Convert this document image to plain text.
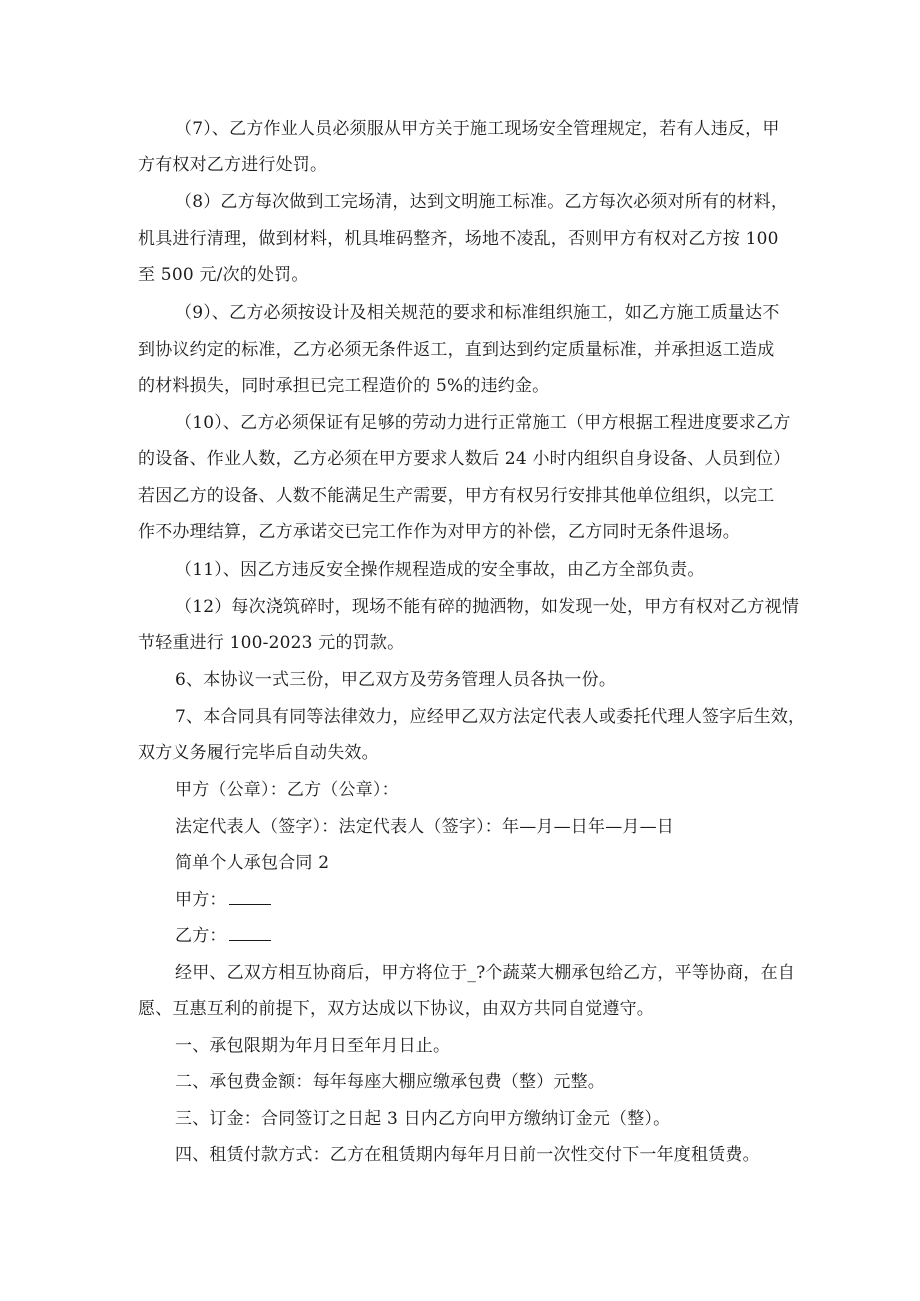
（7）、乙方作业人员必须服从甲方关于施工现场安全管理规定，若有人违反，甲
方有权对乙方进行处罚。
（8）乙方每次做到工完场清，达到文明施工标准。乙方每次必须对所有的材料，
机具进行清理，做到材料，机具堆码整齐，场地不凌乱，否则甲方有权对乙方按 100
至 500 元/次的处罚。
（9）、乙方必须按设计及相关规范的要求和标准组织施工，如乙方施工质量达不
到协议约定的标准，乙方必须无条件返工，直到达到约定质量标准，并承担返工造成
的材料损失，同时承担已完工程造价的 5%的违约金。
（10）、乙方必须保证有足够的劳动力进行正常施工（甲方根据工程进度要求乙方
的设备、作业人数，乙方必须在甲方要求人数后 24 小时内组织自身设备、人员到位）
若因乙方的设备、人数不能满足生产需要，甲方有权另行安排其他单位组织，以完工
作不办理结算，乙方承诺交已完工作作为对甲方的补偿，乙方同时无条件退场。
（11）、因乙方违反安全操作规程造成的安全事故，由乙方全部负责。
（12）每次浇筑碎时，现场不能有碎的抛洒物，如发现一处，甲方有权对乙方视情
节轻重进行 100-2023 元的罚款。
6、本协议一式三份，甲乙双方及劳务管理人员各执一份。
7、本合同具有同等法律效力，应经甲乙双方法定代表人或委托代理人签字后生效，
双方义务履行完毕后自动失效。
甲方（公章）：乙方（公章）：
法定代表人（签字）：法定代表人（签字）：年—月—日年—月—日
简单个人承包合同 2
甲方：
乙方：
经甲、乙双方相互协商后，甲方将位于_?个蔬菜大棚承包给乙方，平等协商，在自
愿、互惠互利的前提下，双方达成以下协议，由双方共同自觉遵守。
一、承包限期为年月日至年月日止。
二、承包费金额：每年每座大棚应缴承包费（整）元整。
三、订金：合同签订之日起 3 日内乙方向甲方缴纳订金元（整）。
四、租赁付款方式：乙方在租赁期内每年月日前一次性交付下一年度租赁费。
